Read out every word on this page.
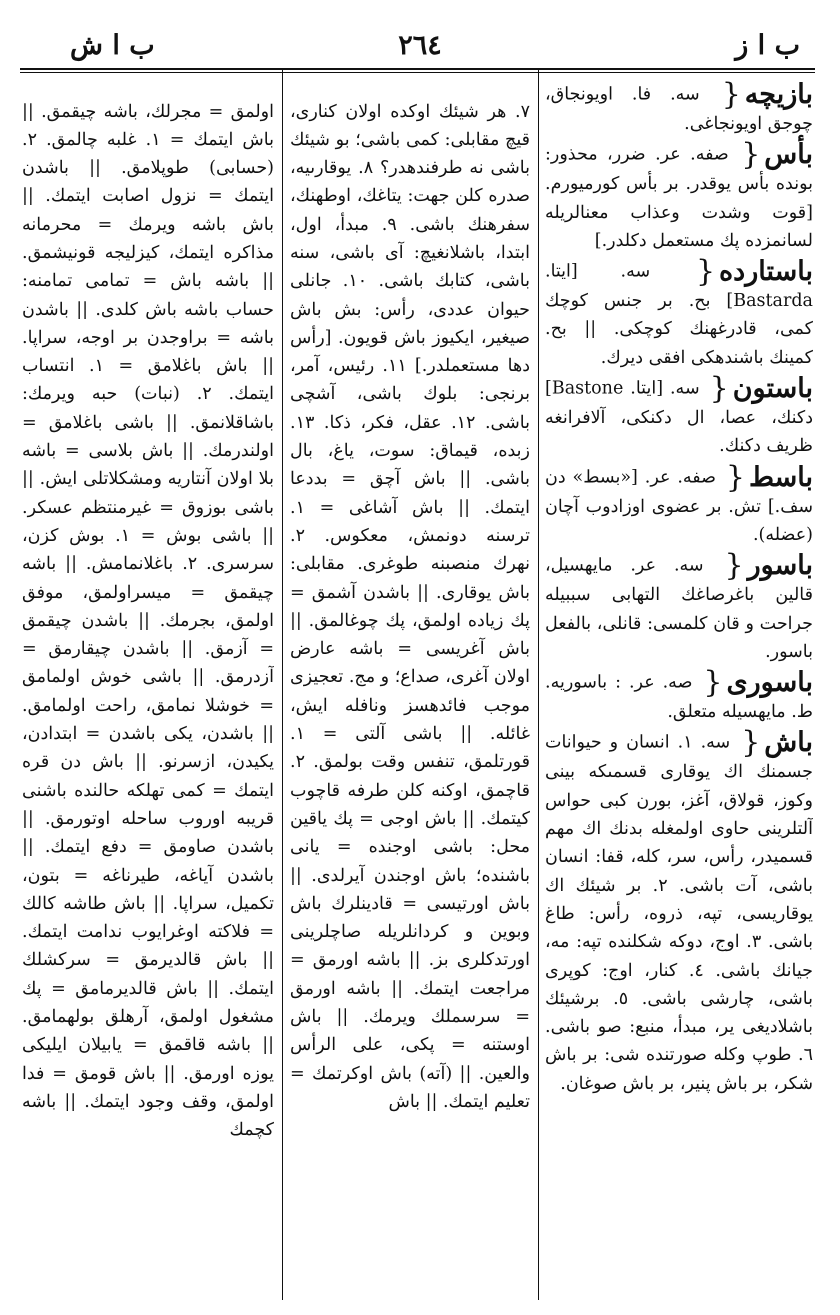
ب ا ز
٢٦٤
ب ا ش
بازيچه{ سه. فا. اويونجاق، چوجق اويونجاغى.
بأس{ صفه. عر. ضرر، محذور: بونده بأس يوقدر. بر بأس كورميورم. [قوت وشدت وعذاب معنالريله لسانمزده پك مستعمل دكلدر.]
باستارده{ سه. [ايتا. Bastarda] بح. بر جنس كوچك كمى، قادرغهنك كوچكى. || بح. كمينك باشندهكى افقى ديرك.
باستون{ سه. [ايتا. Bastone] دكنك، عصا، ال دكنكى، آلافرانغه ظريف دكنك.
باسط{ صفه. عر. [«بسط» دن سف.] تش. بر عضوى اوزادوب آچان (عضله).
باسور{ سه. عر. مايهسيل، قالين باغرصاغك التهابى سببيله جراحت و قان كلمسى: قانلى، بالفعل باسور.
باسورى{ صه. عر. : باسوريه. ط. مايهسيله متعلق.
باش{ سه. ١. انسان و حيوانات جسمنك اك يوقارى قسمىكه بينى وكوز، قولاق، آغز، بورن كبى حواس آلتلرينى حاوى اولمغله بدنك اك مهم قسميدر، رأس، سر، كله، قفا: انسان باشى، آت باشى. ٢. بر شيئك اك يوقاريسى، تپه، ذروه، رأس: طاغ باشى. ٣. اوج، دوكه شكلنده تپه: مه، جيانك باشى. ٤. كنار، اوج: كوپرى باشى، چارشى باشى. ٥. برشيئك باشلاديغى ير، مبدأ، منبع: صو باشى. ٦. طوپ وكله صورتنده شى: بر باش شكر، بر باش پنير، بر باش صوغان.

٧. هر شيئك اوكده اولان كنارى، قيچ مقابلى: كمى باشى؛ بو شيئك باشى نه طرفندهدر؟ ٨. يوقارىيه، صدره كلن جهت: يتاغك، اوطهنك، سفرهنك باشى. ٩. مبدأ، اول، ابتدا، باشلانغيچ: آى باشى، سنه باشى، كتابك باشى. ١٠. جانلى حيوان عددى، رأس: بش باش صيغير، ايكيوز باش قويون. [رأس دها مستعملدر.] ١١. رئيس، آمر، برنجى: بلوك باشى، آشچى باشى. ١٢. عقل، فكر، ذكا. ١٣. زبده، قيماق: سوت، ياغ، بال باشى. || باش آچق = بددعا ايتمك. || باش آشاغى = ١. ترسنه دونمش، معكوس. ٢. نهرك منصبنه طوغرى. مقابلى: باش يوقارى. || باشدن آشمق = پك زياده اولمق، پك چوغالمق. || باش آغريسى = باشه عارض اولان آغرى، صداع؛ و مج. تعجيزى موجب فائدهسز ونافله ايش، غائله. || باشى آلتى = ١. قورتلمق، تنفس وقت بولمق. ٢. قاچمق، اوكنه كلن طرفه قاچوب كيتمك. || باش اوجى = پك ياقين محل: باشى اوجنده = يانى باشنده؛ باش اوجندن آيرلدى. || باش اورتيسى = قادينلرك باش وبوين و كردانلريله صاچلرينى اورتدكلرى بز. || باشه اورمق = مراجعت ايتمك. || باشه اورمق = سرسملك ويرمك. || باش اوستنه = پكى، على الرأس والعين. || (آته) باش اوكرتمك = تعليم ايتمك. || باش

اولمق = مجرلك، باشه چيقمق. || باش ايتمك = ١. غلبه چالمق. ٢. (حسابى) طوپلامق. || باشدن ايتمك = نزول اصابت ايتمك. || باش باشه ويرمك = محرمانه مذاكره ايتمك، كيزليجه قونيشمق. || باشه باش = تمامى تمامنه: حساب باشه باش كلدى. || باشدن باشه = براوجدن بر اوجه، سراپا. || باش باغلامق = ١. انتساب ايتمك. ٢. (نبات) حبه ويرمك: باشاقلانمق. || باشى باغلامق = اولندرمك. || باش بلاسى = باشه بلا اولان آنتاريه ومشكلاتلى ايش. || باشى بوزوق = غيرمنتظم عسكر. || باشى بوش = ١. بوش كزن، سرسرى. ٢. باغلانمامش. || باشه چيقمق = ميسراولمق، موفق اولمق، بجرمك. || باشدن چيقمق = آزمق. || باشدن چيقارمق = آزدرمق. || باشى خوش اولمامق = خوشلا نمامق، راحت اولمامق. || باشدن، يكى باشدن = ابتدادن، يكيدن، ازسرنو. || باش دن قره ايتمك = كمى تهلكه حالنده باشنى قريبه اوروب ساحله اوتورمق. || باشدن صاومق = دفع ايتمك. || باشدن آياغه، طيرناغه = بتون، تكميل، سراپا. || باش طاشه كالك = فلاكته اوغرايوب ندامت ايتمك. || باش قالديرمق = سركشلك ايتمك. || باش قالديرمامق = پك مشغول اولمق، آرهلق بولهمامق. || باشه قاقمق = يابيلان ايليكى يوزه اورمق. || باش قومق = فدا اولمق، وقف وجود ايتمك. || باشه كچمك
